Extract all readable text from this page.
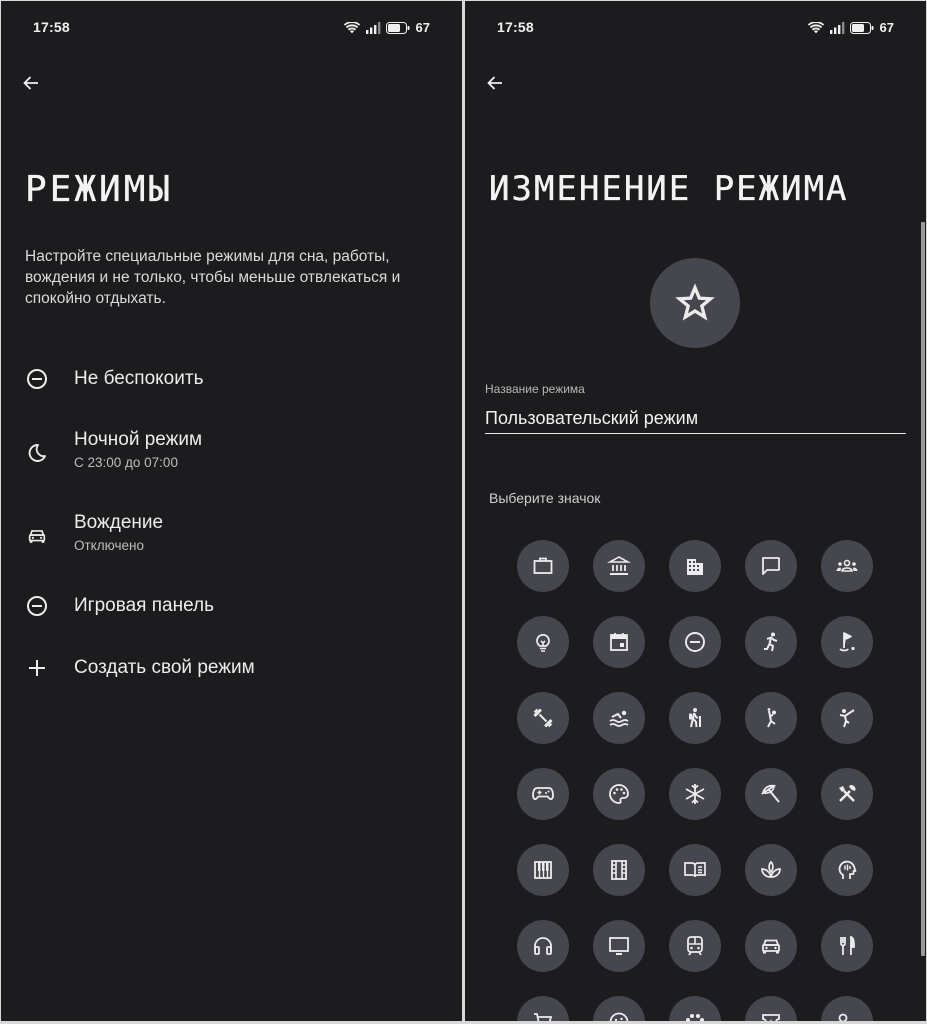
17:58	67
РЕЖИМЫ
Настройте специальные режимы для сна, работы, вождения и не только, чтобы меньше отвлекаться и спокойно отдыхать.
Не беспокоить
Ночной режим
С 23:00 до 07:00
Вождение
Отключено
Игровая панель
Создать свой режим
17:58	67
ИЗМЕНЕНИЕ РЕЖИМА
Название режима
Пользовательский режим
Выберите значок
